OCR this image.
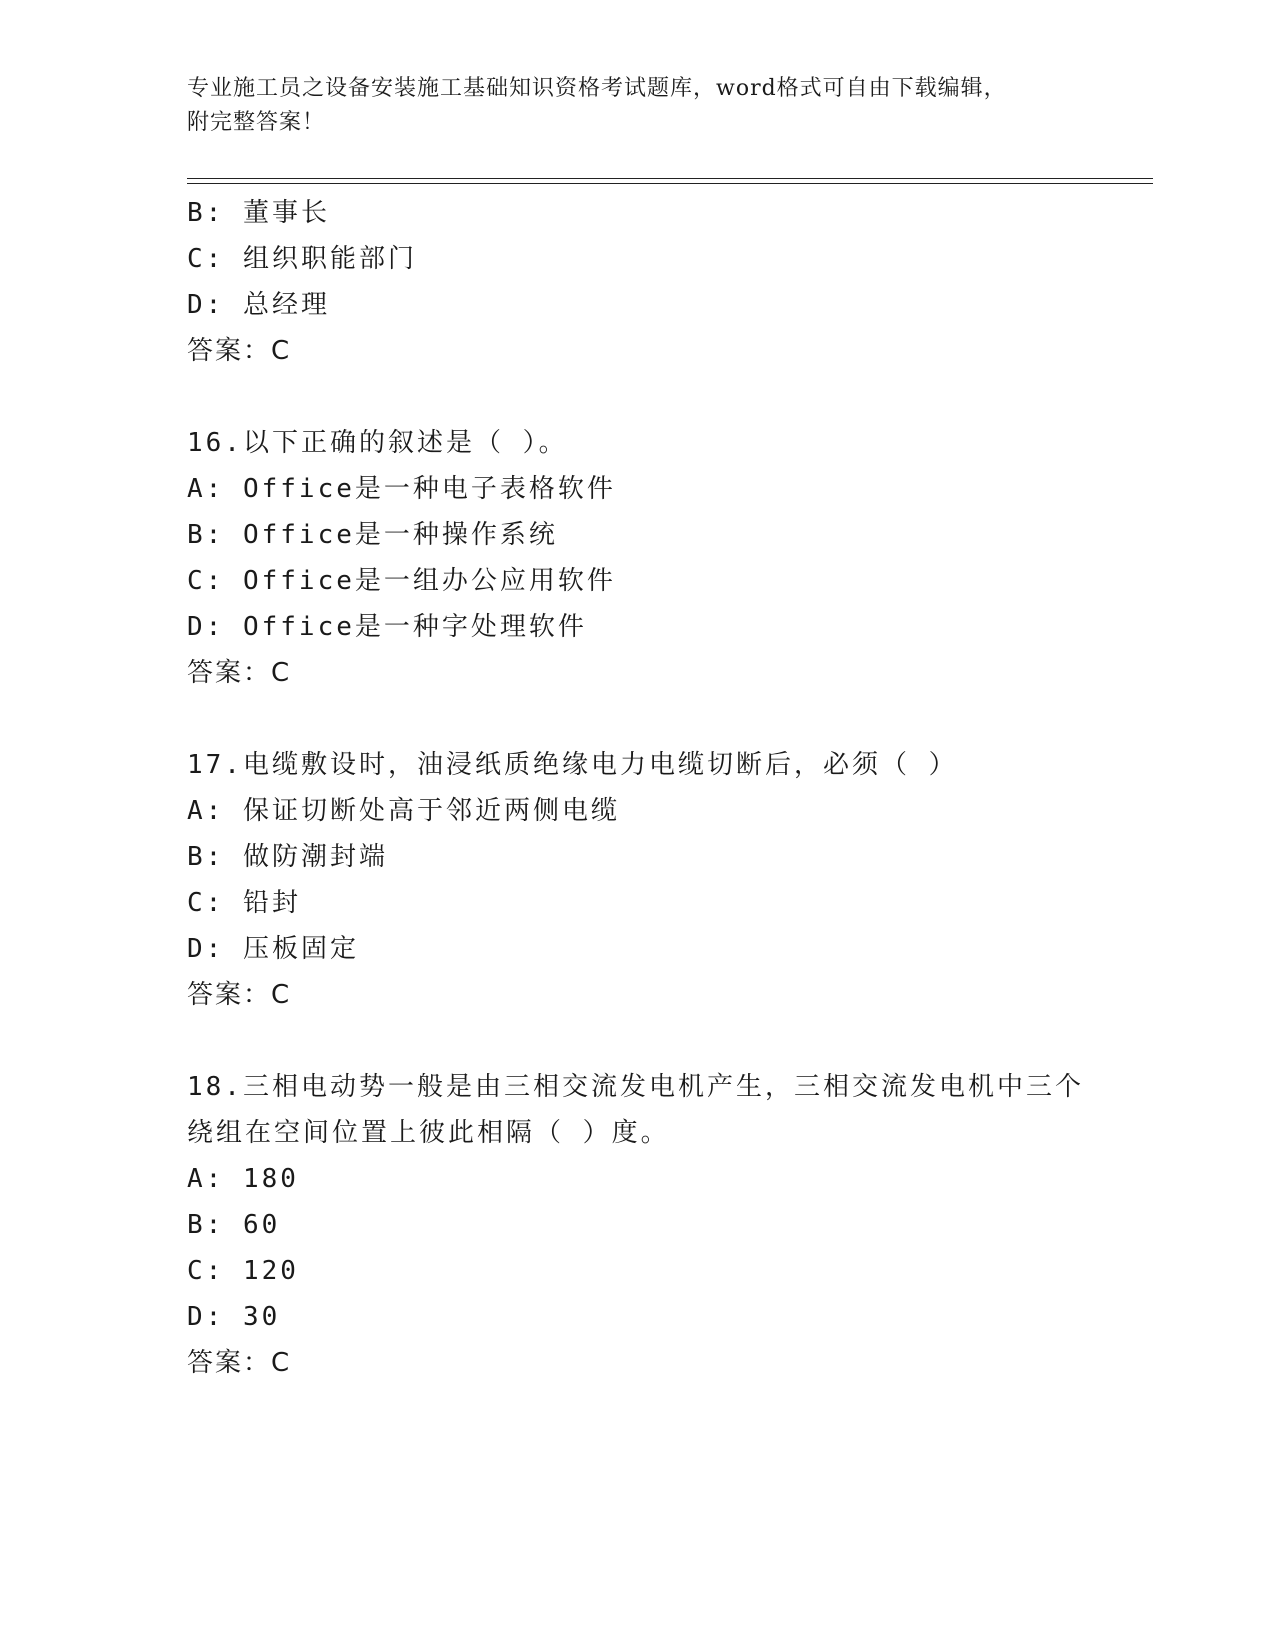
专业施工员之设备安装施工基础知识资格考试题库，word格式可自由下载编辑，
附完整答案！
B: 董事长
C: 组织职能部门
D: 总经理
答案：C
16.以下正确的叙述是（ ）。
A: Office是一种电子表格软件
B: Office是一种操作系统
C: Office是一组办公应用软件
D: Office是一种字处理软件
答案：C
17.电缆敷设时，油浸纸质绝缘电力电缆切断后，必须（ ）
A: 保证切断处高于邻近两侧电缆
B: 做防潮封端
C: 铅封
D: 压板固定
答案：C
18.三相电动势一般是由三相交流发电机产生，三相交流发电机中三个
绕组在空间位置上彼此相隔（ ）度。
A: 180
B: 60
C: 120
D: 30
答案：C
